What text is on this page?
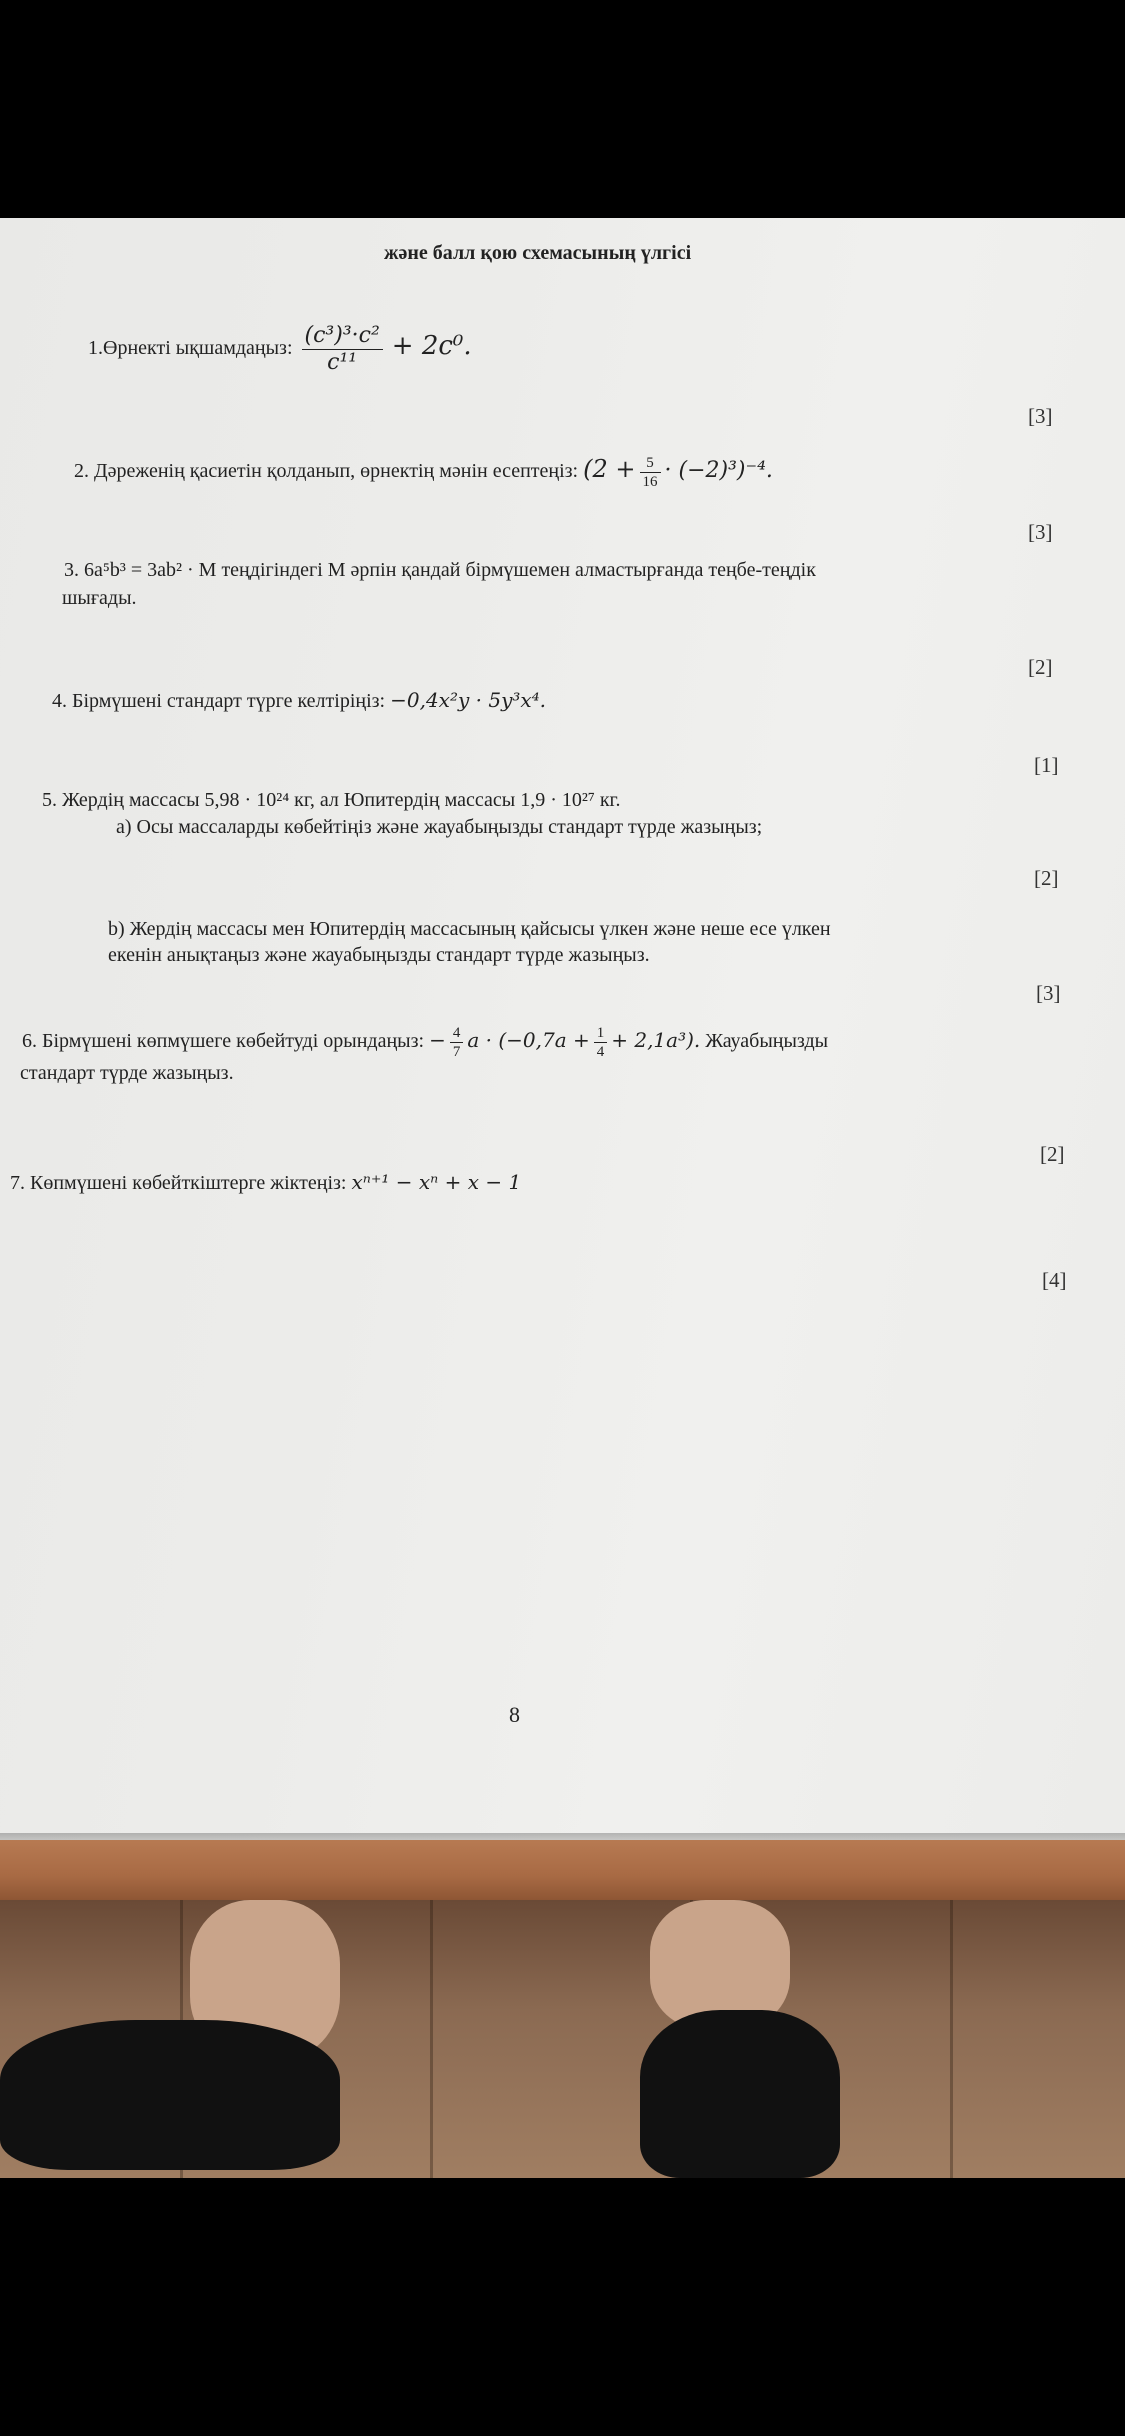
және балл қою схемасының үлгісі
1.Өрнекті ықшамдаңыз: $\frac{\text{(c³)³·c²}}{\text{c¹¹}} + 2c^0$.
[3]
2. Дәреженің қасиетін қолданып, өрнектің мәнін есептеңіз: $(2 + \frac{5}{16} \cdot (-2)^3)^{-4}$.
[3]
3. 6a⁵b³ = 3ab² · M теңдігіндегі M әрпін қандай бірмүшемен алмастырғанда теңбе-теңдік
шығады.
[2]
4. Бірмүшені стандарт түрге келтіріңіз: −0,4x²y · 5y³x⁴.
[1]
5. Жердің массасы 5,98 · 10²⁴ кг, ал Юпитердің массасы 1,9 · 10²⁷ кг.
a) Осы массаларды көбейтіңіз және жауабыңызды стандарт түрде жазыңыз;
[2]
b) Жердің массасы мен Юпитердің массасының қайсысы үлкен және неше есе үлкен
екенін анықтаңыз және жауабыңызды стандарт түрде жазыңыз.
[3]
6. Бірмүшені көпмүшеге көбейтуді орындаңыз: − $\frac{4}{7}$ $a \cdot (-0,7a + \frac{1}{4} + 2,1a^3)$. Жауабыңызды
стандарт түрде жазыңыз.
[2]
7. Көпмүшені көбейткіштерге жіктеңіз: xⁿ⁺¹ − xⁿ + x − 1
[4]
8
